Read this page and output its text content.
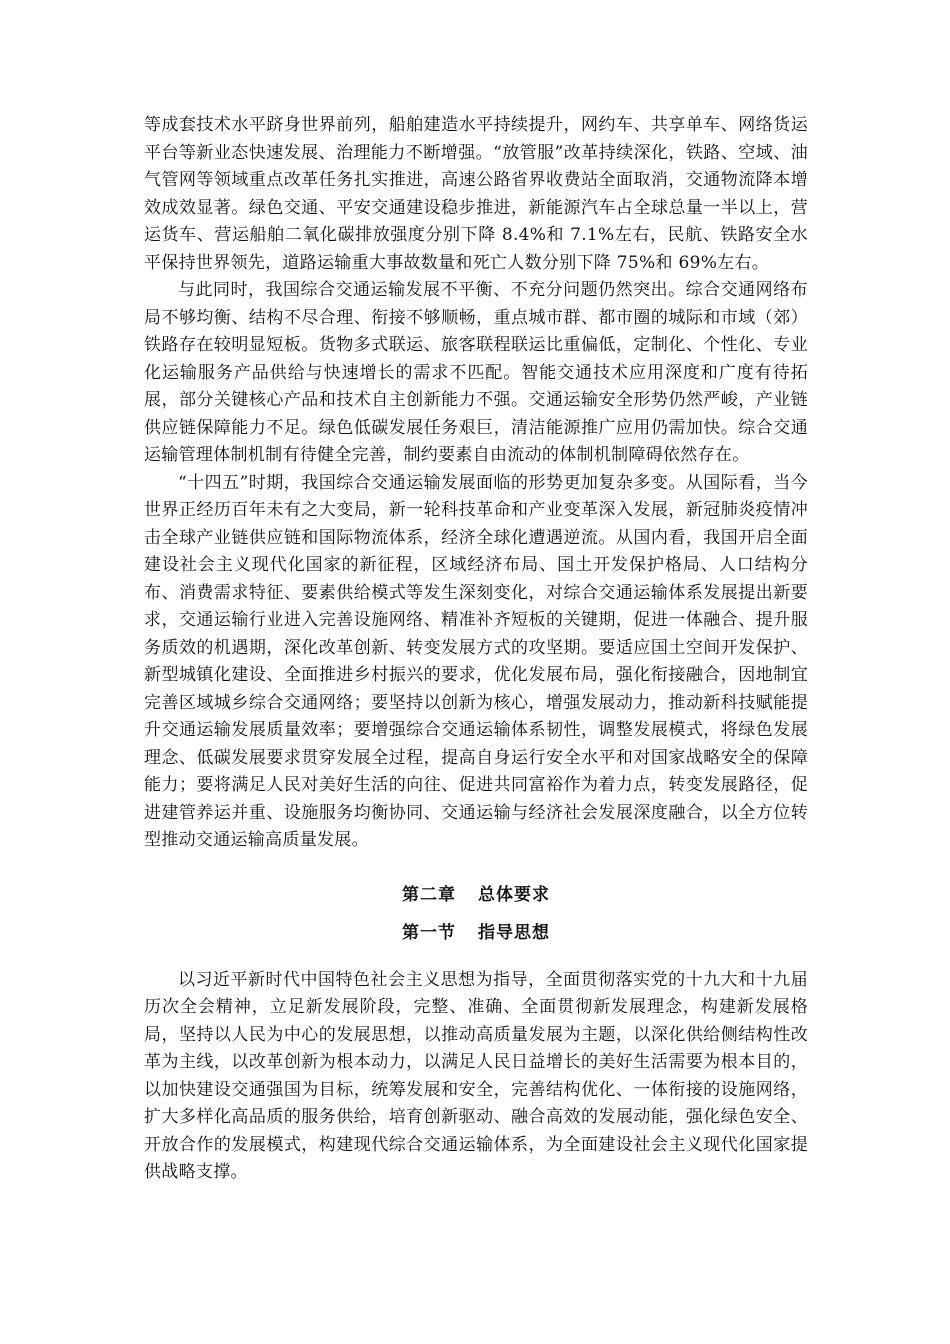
等成套技术水平跻身世界前列，船舶建造水平持续提升，网约车、共享单车、网络货运平台等新业态快速发展、治理能力不断增强。“放管服”改革持续深化，铁路、空域、油气管网等领域重点改革任务扎实推进，高速公路省界收费站全面取消，交通物流降本增效成效显著。绿色交通、平安交通建设稳步推进，新能源汽车占全球总量一半以上，营运货车、营运船舶二氧化碳排放强度分别下降 8.4%和 7.1%左右，民航、铁路安全水平保持世界领先，道路运输重大事故数量和死亡人数分别下降 75%和 69%左右。

与此同时，我国综合交通运输发展不平衡、不充分问题仍然突出。综合交通网络布局不够均衡、结构不尽合理、衔接不够顺畅，重点城市群、都市圈的城际和市域（郊）铁路存在较明显短板。货物多式联运、旅客联程联运比重偏低，定制化、个性化、专业化运输服务产品供给与快速增长的需求不匹配。智能交通技术应用深度和广度有待拓展，部分关键核心产品和技术自主创新能力不强。交通运输安全形势仍然严峻，产业链供应链保障能力不足。绿色低碳发展任务艰巨，清洁能源推广应用仍需加快。综合交通运输管理体制机制有待健全完善，制约要素自由流动的体制机制障碍依然存在。

“十四五”时期，我国综合交通运输发展面临的形势更加复杂多变。从国际看，当今世界正经历百年未有之大变局，新一轮科技革命和产业变革深入发展，新冠肺炎疫情冲击全球产业链供应链和国际物流体系，经济全球化遭遇逆流。从国内看，我国开启全面建设社会主义现代化国家的新征程，区域经济布局、国土开发保护格局、人口结构分布、消费需求特征、要素供给模式等发生深刻变化，对综合交通运输体系发展提出新要求，交通运输行业进入完善设施网络、精准补齐短板的关键期，促进一体融合、提升服务质效的机遇期，深化改革创新、转变发展方式的攻坚期。要适应国土空间开发保护、新型城镇化建设、全面推进乡村振兴的要求，优化发展布局，强化衔接融合，因地制宜完善区域城乡综合交通网络；要坚持以创新为核心，增强发展动力，推动新科技赋能提升交通运输发展质量效率；要增强综合交通运输体系韧性，调整发展模式，将绿色发展理念、低碳发展要求贯穿发展全过程，提高自身运行安全水平和对国家战略安全的保障能力；要将满足人民对美好生活的向往、促进共同富裕作为着力点，转变发展路径，促进建管养运并重、设施服务均衡协同、交通运输与经济社会发展深度融合，以全方位转型推动交通运输高质量发展。

第二章 总体要求
第一节 指导思想

以习近平新时代中国特色社会主义思想为指导，全面贯彻落实党的十九大和十九届历次全会精神，立足新发展阶段，完整、准确、全面贯彻新发展理念，构建新发展格局，坚持以人民为中心的发展思想，以推动高质量发展为主题，以深化供给侧结构性改革为主线，以改革创新为根本动力，以满足人民日益增长的美好生活需要为根本目的，以加快建设交通强国为目标，统筹发展和安全，完善结构优化、一体衔接的设施网络，扩大多样化高品质的服务供给，培育创新驱动、融合高效的发展动能，强化绿色安全、开放合作的发展模式，构建现代综合交通运输体系，为全面建设社会主义现代化国家提供战略支撑。
